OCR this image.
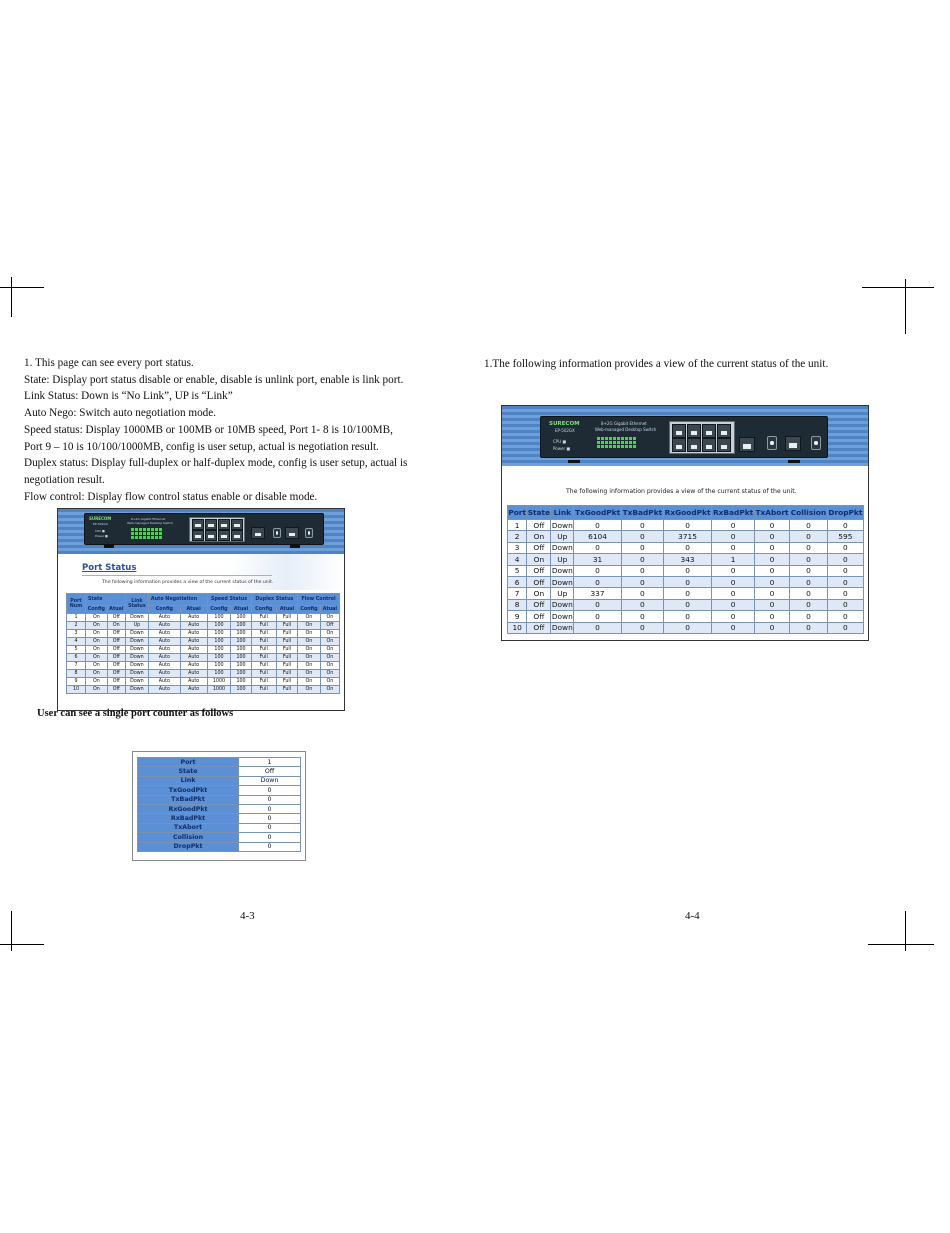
1. This page can see every port status.

State: Display port status disable or enable, disable is unlink port, enable is link port.

Link Status: Down is “No Link”, UP is “Link”

Auto Nego: Switch auto negotiation mode.

Speed status: Display 1000MB or 100MB or 10MB speed, Port 1- 8 is 10/100MB,

Port 9 – 10 is 10/100/1000MB, config is user setup, actual is negotiation result.

Duplex status: Display full-duplex or half-duplex mode, config is user setup, actual is

negotiation result.

Flow control: Display flow control status enable or disable mode.

SURECOM
EP-502GX
8+2G Gigabit Ethernet
Web-managed Desktop Switch
CPU ■
Power ■

Port Status
The following information provides a view of the current status of the unit.
Port Num	State		Link Status	Auto Negotiation		Speed Status		Duplex Status		Flow Control	
	Config	Atual		Config	Atual	Config	Atual	Config	Atual	Config	Atual
1	On	Off	Down	Auto	Auto	100	100	Full	Full	On	On
2	On	On	Up	Auto	Auto	100	100	Full	Full	On	Off
3	On	Off	Down	Auto	Auto	100	100	Full	Full	On	On
4	On	Off	Down	Auto	Auto	100	100	Full	Full	On	On
5	On	Off	Down	Auto	Auto	100	100	Full	Full	On	On
6	On	Off	Down	Auto	Auto	100	100	Full	Full	On	On
7	On	Off	Down	Auto	Auto	100	100	Full	Full	On	On
8	On	Off	Down	Auto	Auto	100	100	Full	Full	On	On
9	On	Off	Down	Auto	Auto	1000	100	Full	Full	On	On
10	On	Off	Down	Auto	Auto	1000	100	Full	Full	On	On
User can see a single port counter as follows
Port	1
State	Off
Link	Down
TxGoodPkt	0
TxBadPkt	0
RxGoodPkt	0
RxBadPkt	0
TxAbort	0
Collision	0
DropPkt	0
4-3

1.The following information provides a view of the current status of the unit.

SURECOM
EP-502GX
8+2G Gigabit Ethernet
Web-managed Desktop Switch
CPU ■
Power ■

The following information provides a view of the current status of the unit.
Port	State	Link	TxGoodPkt	TxBadPkt	RxGoodPkt	RxBadPkt	TxAbort	Collision	DropPkt
1	Off	Down	0	0	0	0	0	0	0
2	On	Up	6104	0	3715	0	0	0	595
3	Off	Down	0	0	0	0	0	0	0
4	On	Up	31	0	343	1	0	0	0
5	Off	Down	0	0	0	0	0	0	0
6	Off	Down	0	0	0	0	0	0	0
7	On	Up	337	0	0	0	0	0	0
8	Off	Down	0	0	0	0	0	0	0
9	Off	Down	0	0	0	0	0	0	0
10	Off	Down	0	0	0	0	0	0	0
4-4
